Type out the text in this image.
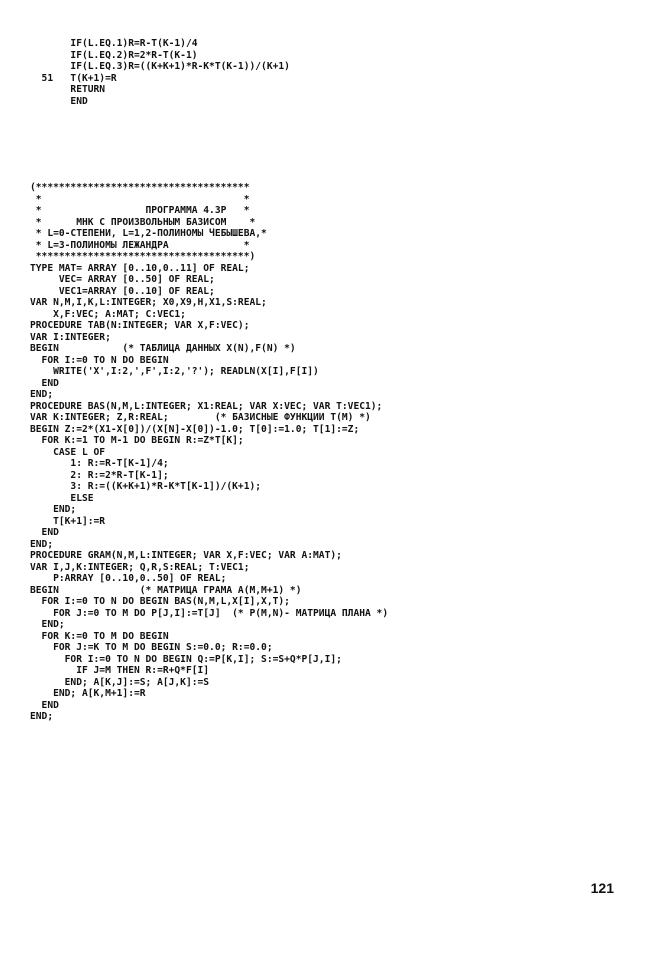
IF(L.EQ.1)R=R-T(K-1)/4
IF(L.EQ.2)R=2*R-T(K-1)
IF(L.EQ.3)R=((K+K+1)*R-K*T(K-1))/(K+1)
51   T(K+1)=R
RETURN
END
(*************************************
*                                   *
*                  ПРОГРАММА 4.3Р   *
*      МНК С ПРОИЗВОЛЬНЫМ БАЗИСОМ    *
* L=0-СТЕПЕНИ, L=1,2-ПОЛИНОМЫ ЧЕБЫШЕВА,*
* L=3-ПОЛИНОМЫ ЛЕЖАНДРА             *
*************************************)
TYPE MAT= ARRAY [0..10,0..11] OF REAL;
VEC= ARRAY [0..50] OF REAL;
VEC1=ARRAY [0..10] OF REAL;
VAR N,M,I,K,L:INTEGER; X0,X9,H,X1,S:REAL;
X,F:VEC; A:MAT; C:VEC1;
PROCEDURE TAB(N:INTEGER; VAR X,F:VEC);
VAR I:INTEGER;
BEGIN           (* ТАБЛИЦА ДАННЫХ X(N),F(N) *)
FOR I:=0 TO N DO BEGIN
WRITE('X',I:2,',F',I:2,'?'); READLN(X[I],F[I])
END
END;
PROCEDURE BAS(N,M,L:INTEGER; X1:REAL; VAR X:VEC; VAR T:VEC1);
VAR K:INTEGER; Z,R:REAL;        (* БАЗИСНЫЕ ФУНКЦИИ T(M) *)
BEGIN Z:=2*(X1-X[0])/(X[N]-X[0])-1.0; T[0]:=1.0; T[1]:=Z;
FOR K:=1 TO M-1 DO BEGIN R:=Z*T[K];
CASE L OF
1: R:=R-T[K-1]/4;
2: R:=2*R-T[K-1];
3: R:=((K+K+1)*R-K*T[K-1])/(K+1);
ELSE
END;
T[K+1]:=R
END
END;
PROCEDURE GRAM(N,M,L:INTEGER; VAR X,F:VEC; VAR A:MAT);
VAR I,J,K:INTEGER; Q,R,S:REAL; T:VEC1;
P:ARRAY [0..10,0..50] OF REAL;
BEGIN              (* МАТРИЦА ГРАМА A(M,M+1) *)
FOR I:=0 TO N DO BEGIN BAS(N,M,L,X[I],X,T);
FOR J:=0 TO M DO P[J,I]:=T[J]  (* P(M,N)- МАТРИЦА ПЛАНА *)
END;
FOR K:=0 TO M DO BEGIN
FOR J:=K TO M DO BEGIN S:=0.0; R:=0.0;
FOR I:=0 TO N DO BEGIN Q:=P[K,I]; S:=S+Q*P[J,I];
IF J=M THEN R:=R+Q*F[I]
END; A[K,J]:=S; A[J,K]:=S
END; A[K,M+1]:=R
END
END;
121
